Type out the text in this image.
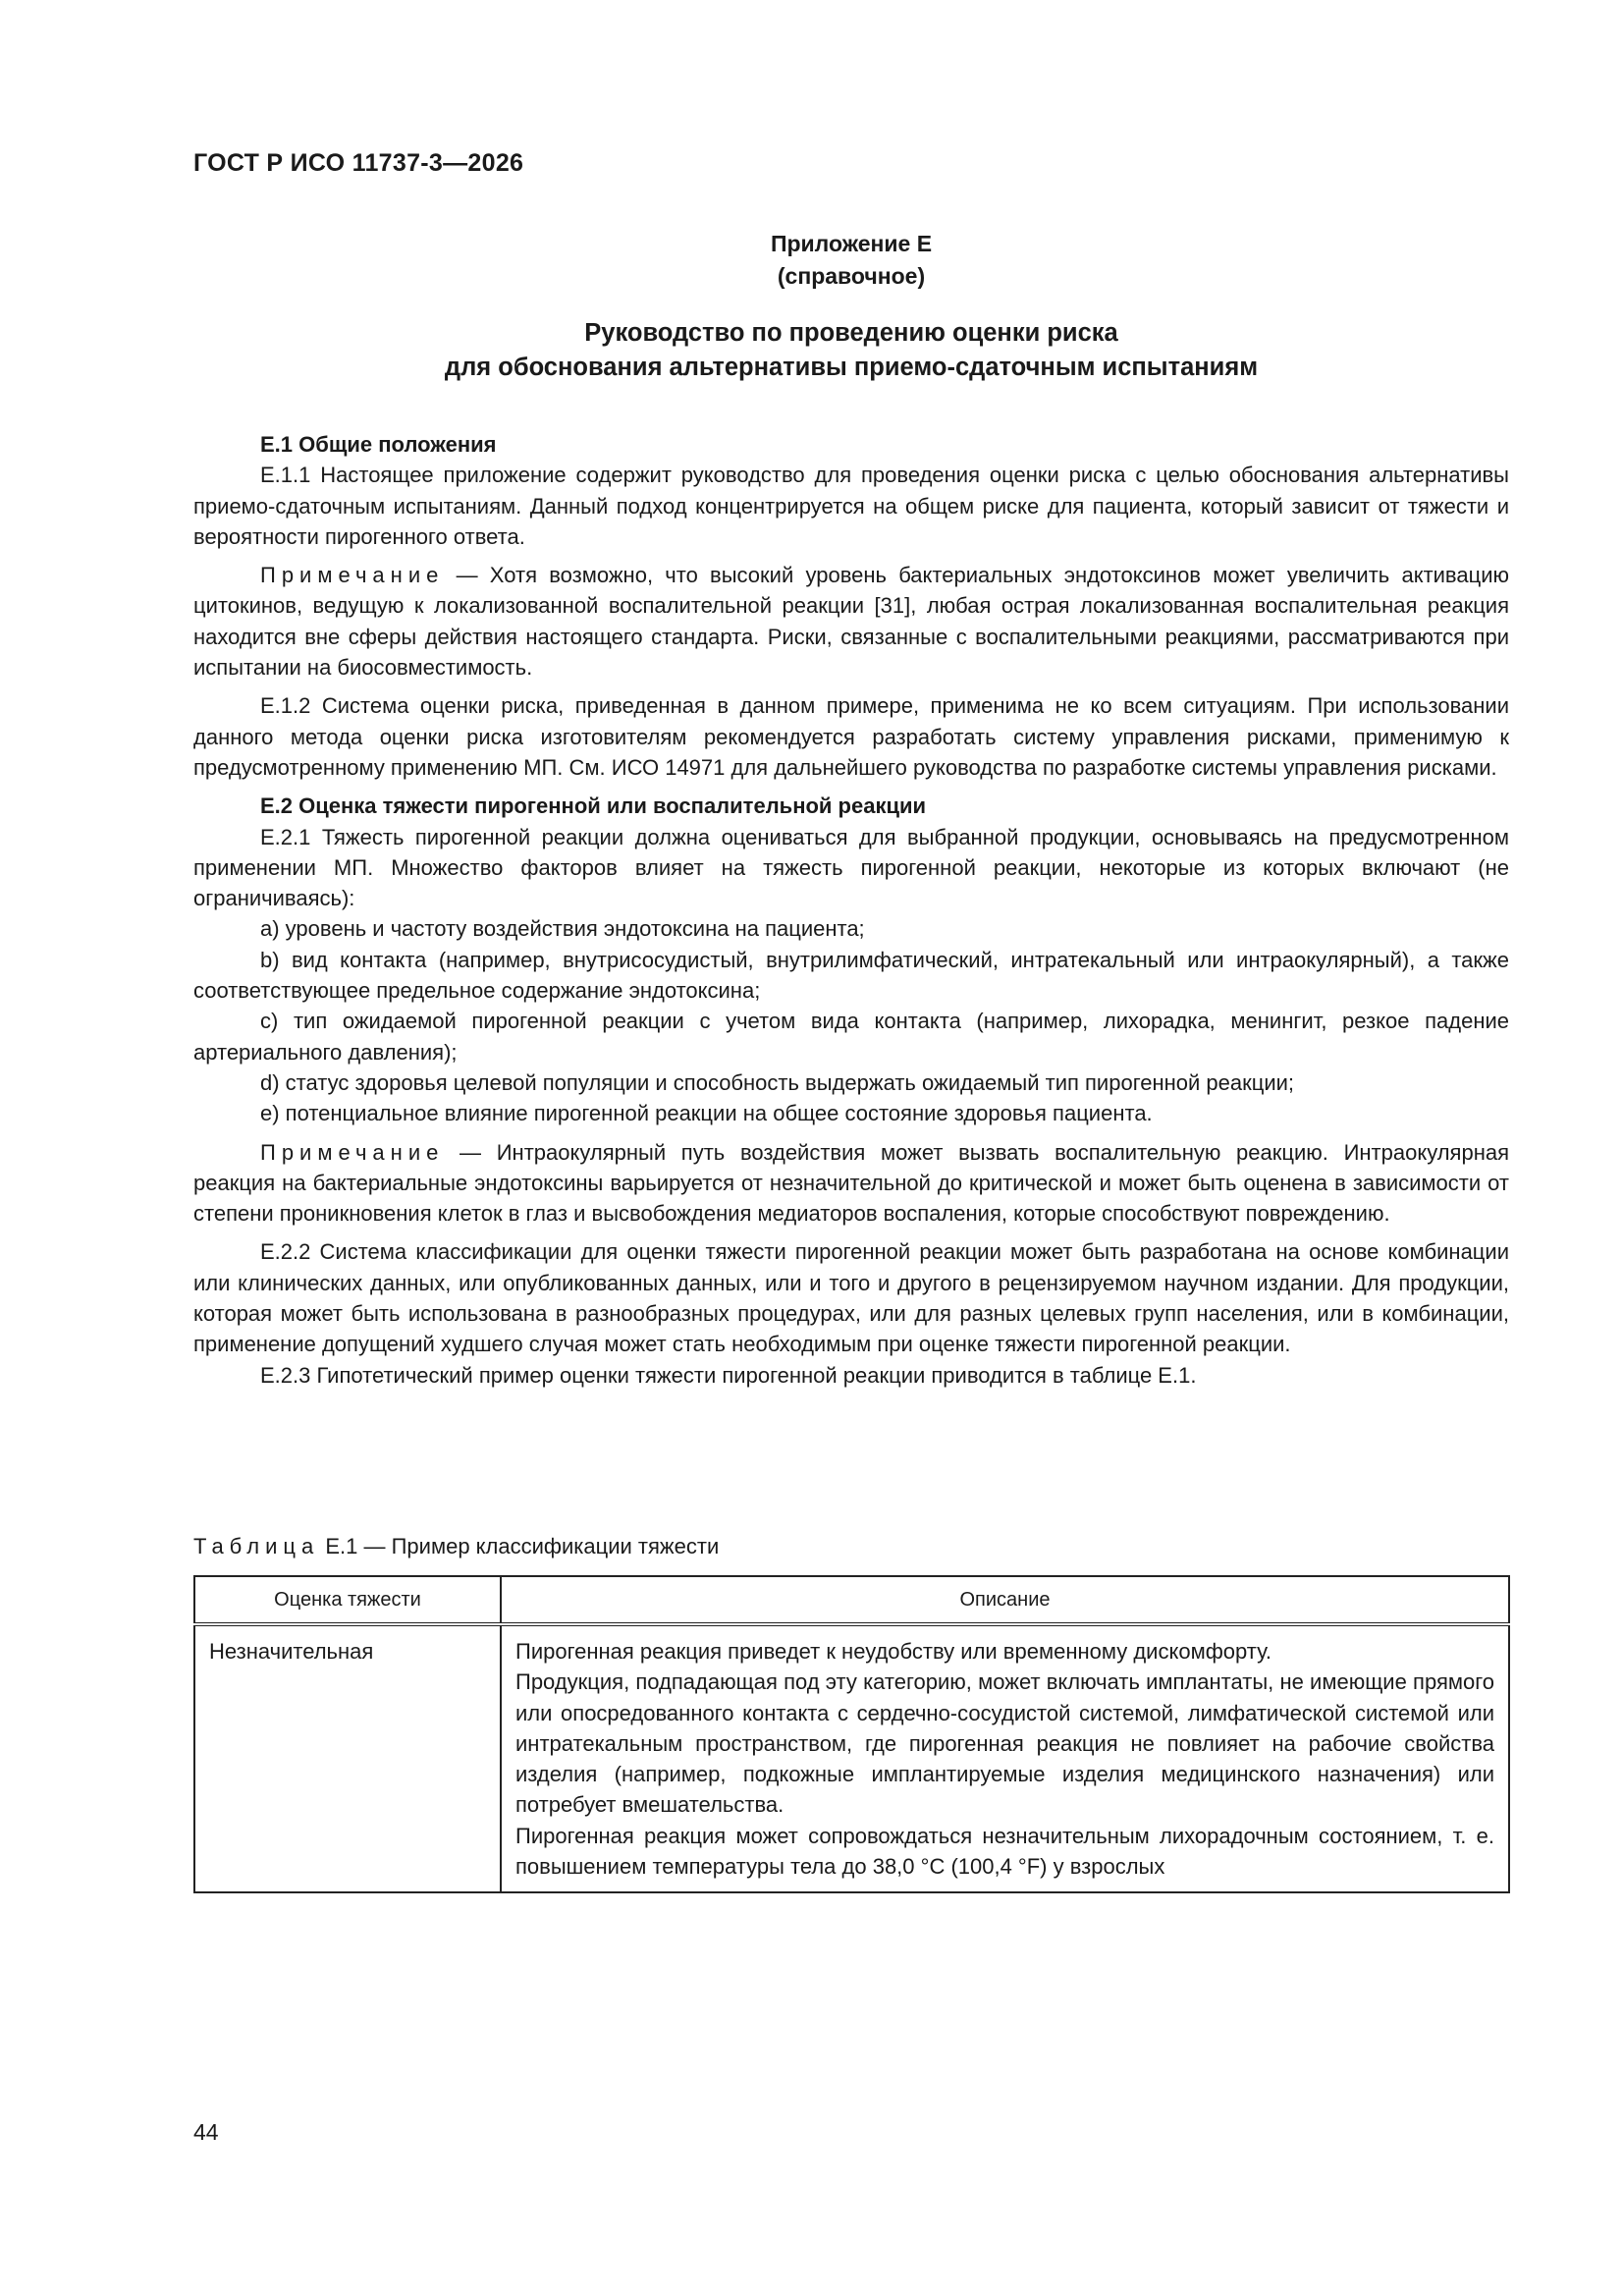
ГОСТ Р ИСО 11737-3—2026
Приложение Е
(справочное)
Руководство по проведению оценки риска
для обоснования альтернативы приемо-сдаточным испытаниям

Е.1 Общие положения

Е.1.1 Настоящее приложение содержит руководство для проведения оценки риска с целью обоснования альтернативы приемо-сдаточным испытаниям. Данный подход концентрируется на общем риске для пациента, который зависит от тяжести и вероятности пирогенного ответа.

Примечание — Хотя возможно, что высокий уровень бактериальных эндотоксинов может увеличить активацию цитокинов, ведущую к локализованной воспалительной реакции [31], любая острая локализованная воспалительная реакция находится вне сферы действия настоящего стандарта. Риски, связанные с воспалительными реакциями, рассматриваются при испытании на биосовместимость.

Е.1.2 Система оценки риска, приведенная в данном примере, применима не ко всем ситуациям. При использовании данного метода оценки риска изготовителям рекомендуется разработать систему управления рисками, применимую к предусмотренному применению МП. См. ИСО 14971 для дальнейшего руководства по разработке системы управления рисками.

Е.2 Оценка тяжести пирогенной или воспалительной реакции

Е.2.1 Тяжесть пирогенной реакции должна оцениваться для выбранной продукции, основываясь на предусмотренном применении МП. Множество факторов влияет на тяжесть пирогенной реакции, некоторые из которых включают (не ограничиваясь):

a) уровень и частоту воздействия эндотоксина на пациента;

b) вид контакта (например, внутрисосудистый, внутрилимфатический, интратекальный или интраокулярный), а также соответствующее предельное содержание эндотоксина;

c) тип ожидаемой пирогенной реакции с учетом вида контакта (например, лихорадка, менингит, резкое падение артериального давления);

d) статус здоровья целевой популяции и способность выдержать ожидаемый тип пирогенной реакции;

e) потенциальное влияние пирогенной реакции на общее состояние здоровья пациента.

Примечание — Интраокулярный путь воздействия может вызвать воспалительную реакцию. Интраокулярная реакция на бактериальные эндотоксины варьируется от незначительной до критической и может быть оценена в зависимости от степени проникновения клеток в глаз и высвобождения медиаторов воспаления, которые способствуют повреждению.

Е.2.2 Система классификации для оценки тяжести пирогенной реакции может быть разработана на основе комбинации или клинических данных, или опубликованных данных, или и того и другого в рецензируемом научном издании. Для продукции, которая может быть использована в разнообразных процедурах, или для разных целевых групп населения, или в комбинации, применение допущений худшего случая может стать необходимым при оценке тяжести пирогенной реакции.

Е.2.3 Гипотетический пример оценки тяжести пирогенной реакции приводится в таблице Е.1.

Таблица Е.1 — Пример классификации тяжести
Оценка тяжести	Описание
Незначительная	Пирогенная реакция приведет к неудобству или временному дискомфорту.

Продукция, подпадающая под эту категорию, может включать имплантаты, не имеющие прямого или опосредованного контакта с сердечно-сосудистой системой, лимфатической системой или интратекальным пространством, где пирогенная реакция не повлияет на рабочие свойства изделия (например, подкожные имплантируемые изделия медицинского назначения) или потребует вмешательства.

Пирогенная реакция может сопровождаться незначительным лихорадочным состоянием, т. е. повышением температуры тела до 38,0 °C (100,4 °F) у взрослых

44
